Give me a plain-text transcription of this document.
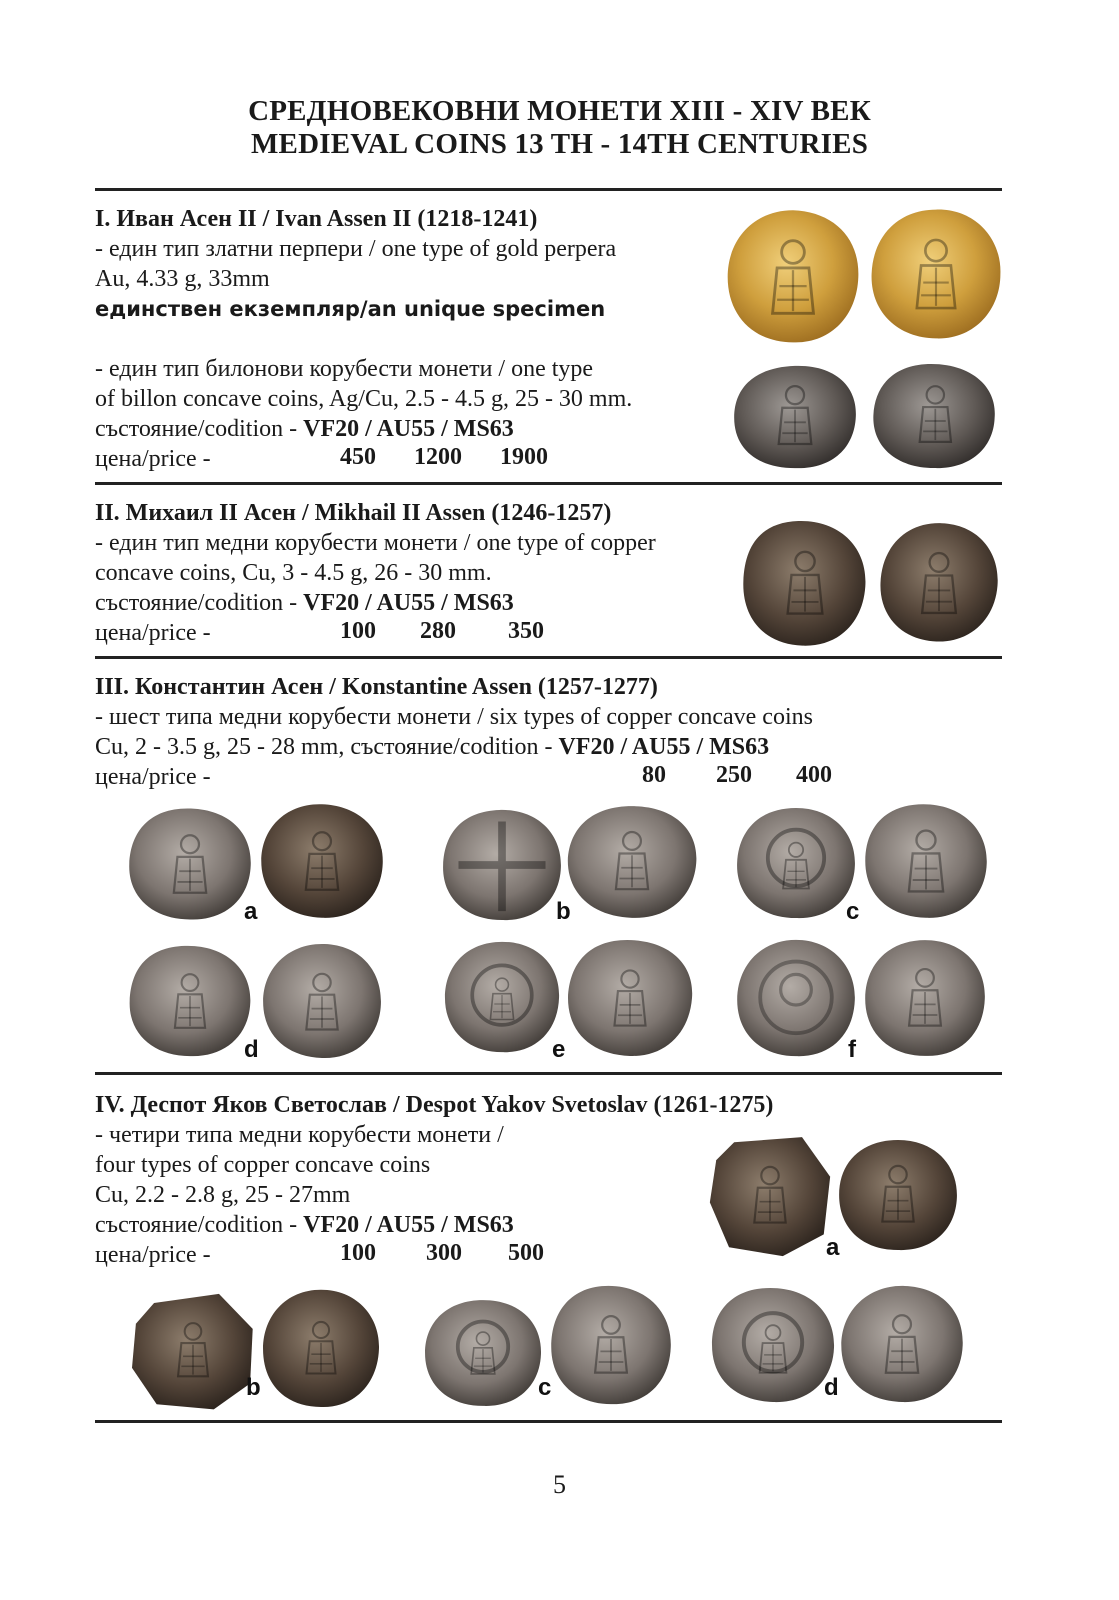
СРЕДНОВЕКОВНИ МОНЕТИ XIII - XIV ВЕК
MEDIEVAL COINS 13 TH - 14TH CENTURIES
I. Иван Асен II / Ivan Assen II (1218-1241)
- един тип златни перпери / one type of gold perpera
Au, 4.33 g, 33mm
единствен екземпляр/an unique specimen
- един тип билонови корубести монети / one type
of billon concave coins, Ag/Cu, 2.5 - 4.5 g, 25 - 30 mm.
състояние/codition - VF20 / AU55 / MS63
цена/price -	450 1200 1900
II. Михаил II Асен / Mikhail II Assen (1246-1257)
- един тип медни корубести монети / one type of copper
concave coins, Cu, 3 - 4.5 g, 26 - 30 mm.
състояние/codition - VF20 / AU55 / MS63
цена/price -	100 280 350
III. Константин Асен / Konstantine Assen (1257-1277)
- шест типа медни корубести монети / six types of copper concave coins
Cu, 2 - 3.5 g, 25 - 28 mm, състояние/codition - VF20 / AU55 / MS63
цена/price -	80 250 400
a	b	c
d	e	f
IV. Деспот Яков Светослав / Despot Yakov Svetoslav (1261-1275)
- четири типа медни корубести монети /
four types of copper concave coins
Cu, 2.2 - 2.8 g, 25 - 27mm
състояние/codition - VF20 / AU55 / MS63
цена/price -	100 300 500	a
b	c	d
5
